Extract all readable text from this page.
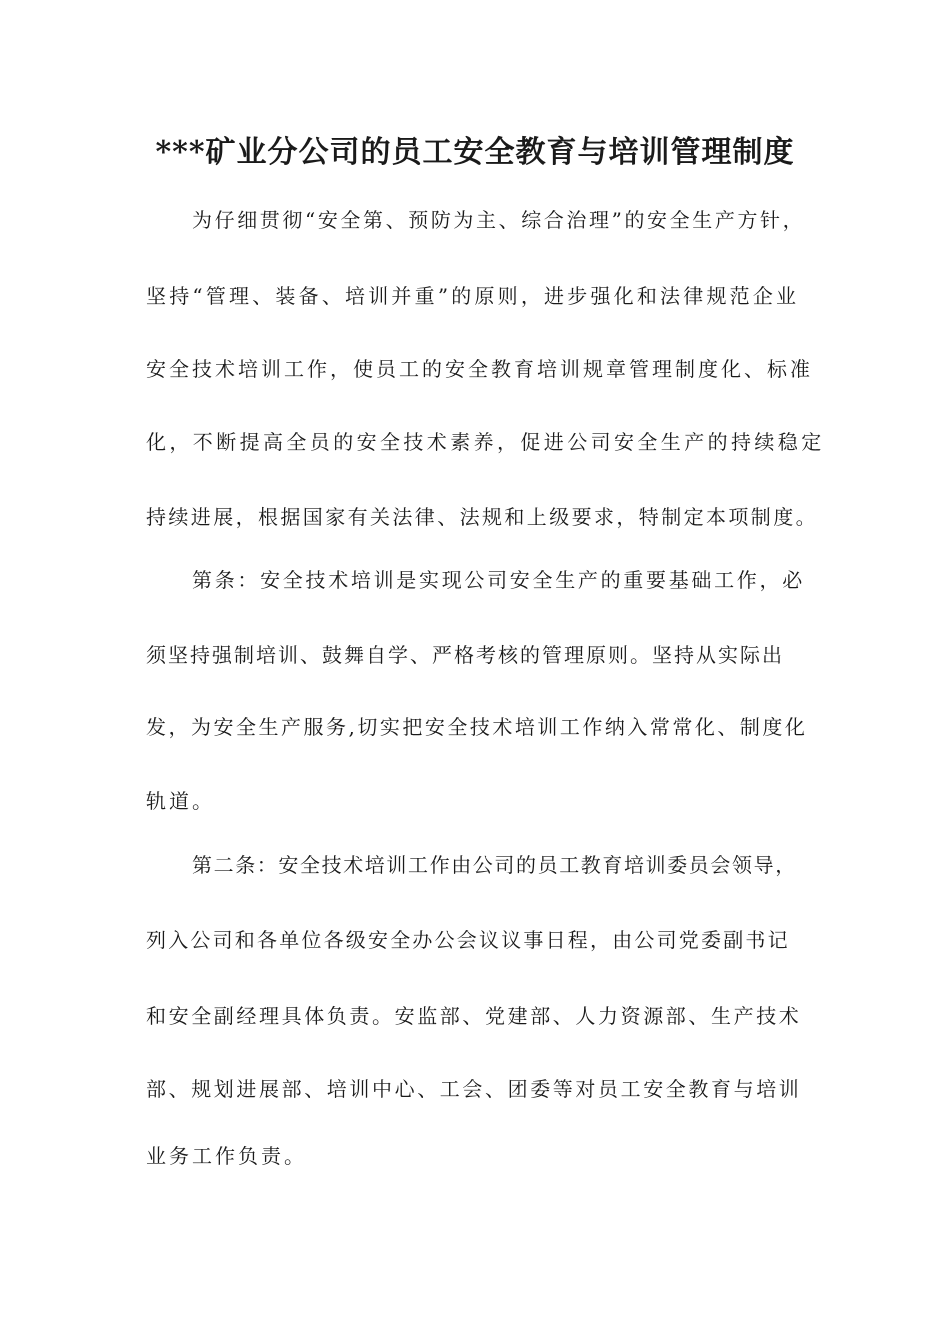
***矿业分公司的员工安全教育与培训管理制度
为仔细贯彻“安全第、预防为主、综合治理”的安全生产方针，
坚持“管理、装备、培训并重”的原则，进步强化和法律规范企业
安全技术培训工作，使员工的安全教育培训规章管理制度化、标准
化，不断提高全员的安全技术素养，促进公司安全生产的持续稳定
持续进展，根据国家有关法律、法规和上级要求，特制定本项制度。
第条：安全技术培训是实现公司安全生产的重要基础工作，必
须坚持强制培训、鼓舞自学、严格考核的管理原则。坚持从实际出
发，为安全生产服务,切实把安全技术培训工作纳入常常化、制度化
轨道。
第二条：安全技术培训工作由公司的员工教育培训委员会领导，
列入公司和各单位各级安全办公会议议事日程，由公司党委副书记
和安全副经理具体负责。安监部、党建部、人力资源部、生产技术
部、规划进展部、培训中心、工会、团委等对员工安全教育与培训
业务工作负责。
